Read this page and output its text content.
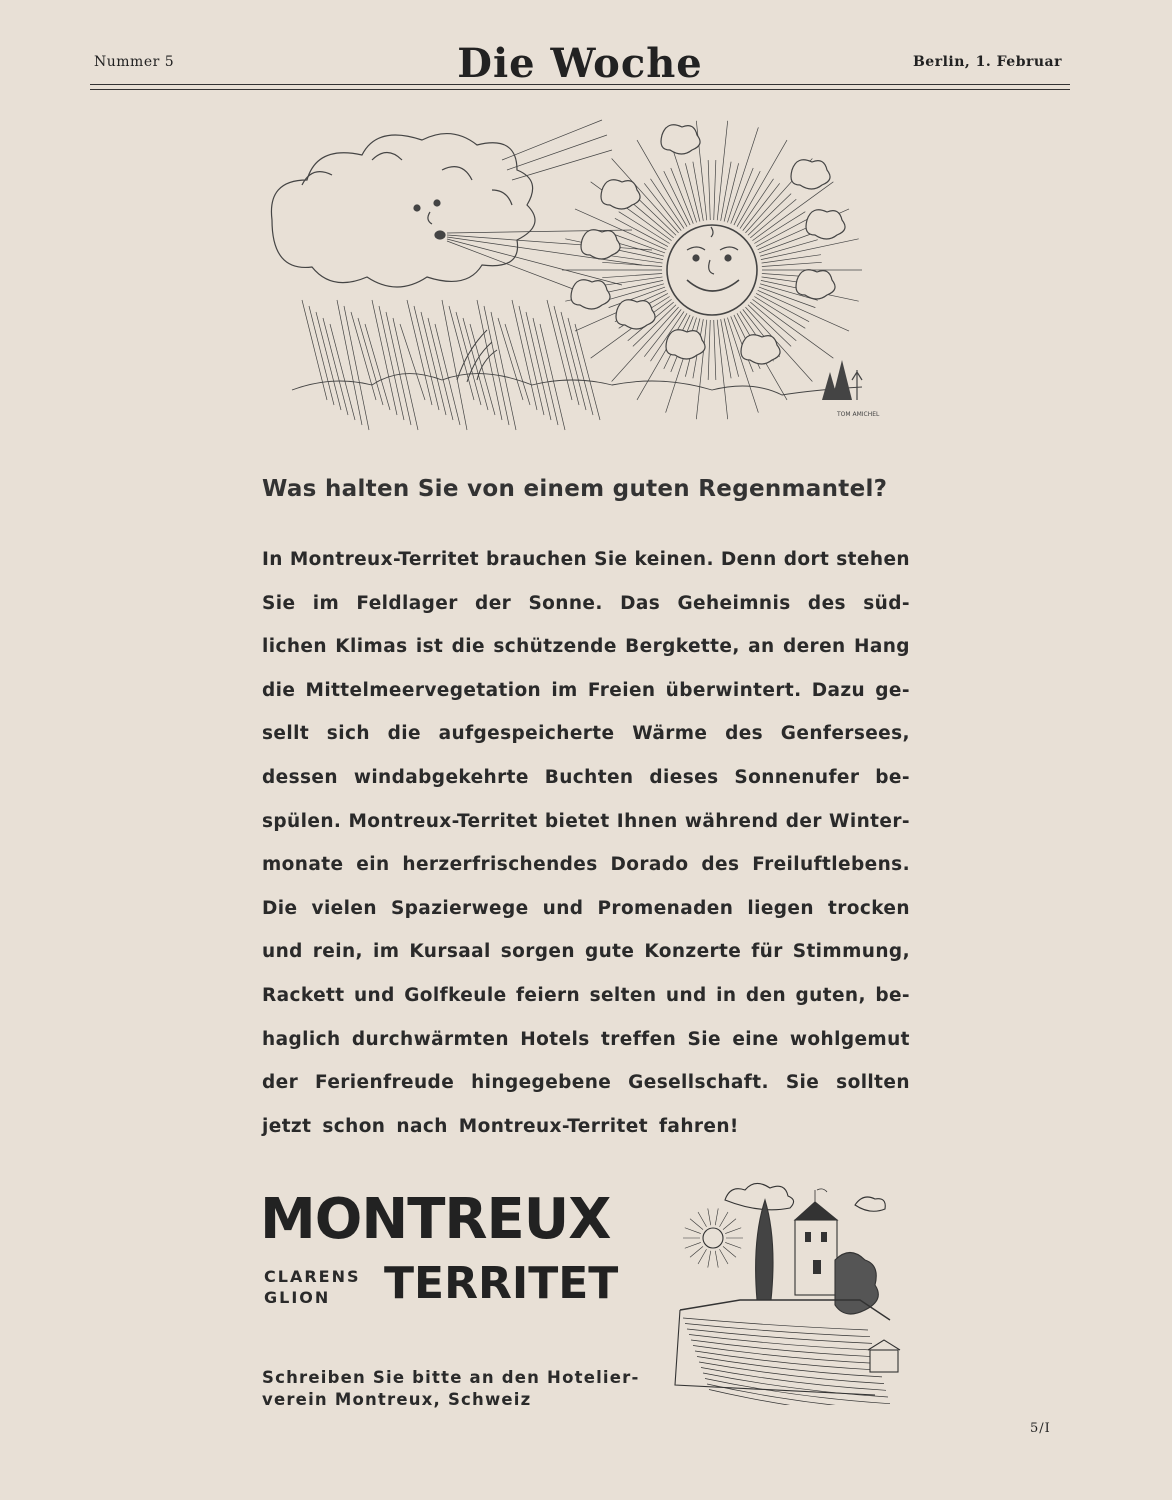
Nummer 5	Die Woche	Berlin, 1. Februar
TOM AMICHEL
Was halten Sie von einem guten Regenmantel?
In Montreux-Territet brauchen Sie keinen. Denn dort stehen
Sie im Feldlager der Sonne. Das Geheimnis des süd-
lichen Klimas ist die schützende Bergkette, an deren Hang
die Mittelmeervegetation im Freien überwintert. Dazu ge-
sellt sich die aufgespeicherte Wärme des Genfersees,
dessen windabgekehrte Buchten dieses Sonnenufer be-
spülen. Montreux-Territet bietet Ihnen während der Winter-
monate ein herzerfrischendes Dorado des Freiluftlebens.
Die vielen Spazierwege und Promenaden liegen trocken
und rein, im Kursaal sorgen gute Konzerte für Stimmung,
Rackett und Golfkeule feiern selten und in den guten, be-
haglich durchwärmten Hotels treffen Sie eine wohlgemut
der Ferienfreude hingegebene Gesellschaft. Sie sollten
jetzt schon nach Montreux-Territet fahren!
MONTREUX
CLARENS
GLION	TERRITET
Schreiben Sie bitte an den Hotelier-
verein Montreux, Schweiz
5/I
